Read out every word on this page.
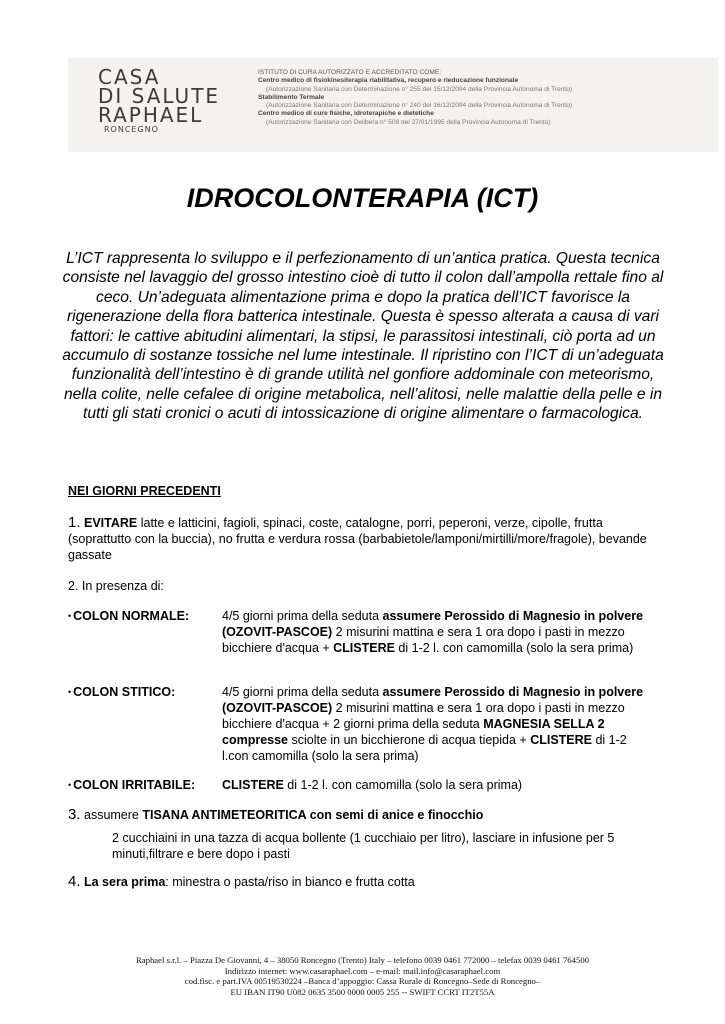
CASA
DI SALUTE
RAPHAEL
RONCEGNO
ISTITUTO DI CURA AUTORIZZATO E ACCREDITATO COME:
Centro medico di fisiokinesiterapia riabilitativa, recupero e rieducazione funzionale
(Autorizzazione Sanitaria con Determinazione n° 255 del 15/12/2004 della Provincia Autonoma di Trento)
Stabilimento Termale
(Autorizzazione Sanitaria con Determinazione n° 240 del 16/12/2004 della Provincia Autonoma di Trento)
Centro medico di cure fisiche, idroterapiche e dietetiche
(Autorizzazione Sanitaria con Delibera n° 508 del 27/01/1995 della Provincia Autonoma di Trento)
IDROCOLONTERAPIA (ICT)
L’ICT rappresenta lo sviluppo e il perfezionamento di un’antica pratica. Questa tecnica consiste nel lavaggio del grosso intestino cioè di tutto il colon dall’ampolla rettale fino al ceco. Un’adeguata alimentazione prima e dopo la pratica dell’ICT favorisce la rigenerazione della flora batterica intestinale. Questa è spesso alterata a causa di vari fattori: le cattive abitudini alimentari, la stipsi, le parassitosi intestinali, ciò porta ad un accumulo di sostanze tossiche nel lume intestinale. Il ripristino con l’ICT di un’adeguata funzionalità dell’intestino è di grande utilità nel gonfiore addominale con meteorismo, nella colite, nelle cefalee di origine metabolica, nell’alitosi, nelle malattie della pelle e in tutti gli stati cronici o acuti di intossicazione di origine alimentare o farmacologica.
NEI GIORNI PRECEDENTI
1. EVITARE latte e latticini, fagioli, spinaci, coste, catalogne, porri, peperoni, verze, cipolle, frutta (soprattutto con la buccia), no frutta e verdura rossa (barbabietole/lamponi/mirtilli/more/fragole), bevande gassate
2. In presenza di:
• COLON NORMALE:	4/5 giorni prima della seduta assumere Perossido di Magnesio in polvere (OZOVIT-PASCOE) 2 misurini mattina e sera 1 ora dopo i pasti in mezzo bicchiere d'acqua + CLISTERE di 1-2 l. con camomilla (solo la sera prima)
• COLON STITICO:	4/5 giorni prima della seduta assumere Perossido di Magnesio in polvere (OZOVIT-PASCOE) 2 misurini mattina e sera 1 ora dopo i pasti in mezzo bicchiere d'acqua + 2 giorni prima della seduta MAGNESIA SELLA 2 compresse sciolte in un bicchierone di acqua tiepida + CLISTERE di 1-2 l.con camomilla (solo la sera prima)
• COLON IRRITABILE:	CLISTERE di 1-2 l. con camomilla (solo la sera prima)
3. assumere TISANA ANTIMETEORITICA con semi di anice e finocchio
2 cucchiaini in una tazza di acqua bollente (1 cucchiaio per litro), lasciare in infusione per 5 minuti,filtrare e bere dopo i pasti
4. La sera prima: minestra o pasta/riso in bianco e frutta cotta
Raphael s.r.l. – Piazza De Giovanni, 4 – 38050 Roncegno (Trento) Italy – telefono 0039 0461 772000 – telefax 0039 0461 764500
Indirizzo internet: www.casaraphael.com – e-mail: mail.info@casaraphael.com
cod.fisc. e part.IVA 00519530224 –Banca d’appoggio: Cassa Rurale di Roncegno–Sede di Roncegno–
EU IBAN IT90 U082 0635 3500 0000 0005 255 -- SWIFT CCRT IT2T55A
